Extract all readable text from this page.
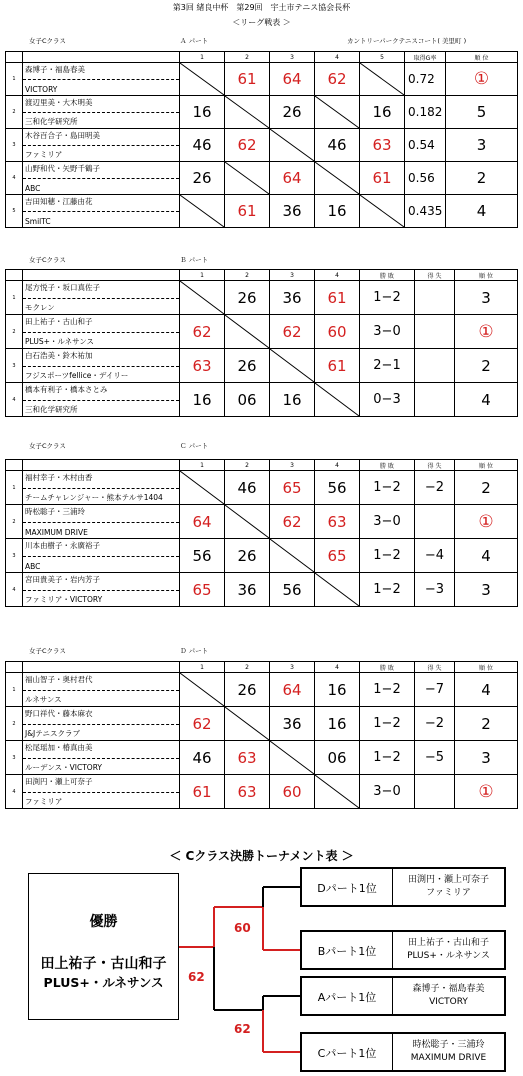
第3回 緒良中杯　第29回　宇土市テニス協会長杯
＜リーグ戦表 ＞
女子Cクラス	Ａ パート	カントリーパークテニスコート( 美里町 )
		1	2	3	4	5	取得G率	順 位
1	森博子・福島春美
VICTORY		61	64	62		0.72	①
2	渡辺里美・大木明美
三和化学研究所	16		26		16	0.182	5
3	木谷百合子・島田明美
ファミリア	46	62		46	63	0.54	3
4	山野和代・矢野千鶴子
ABC	26		64		61	0.56	2
5	吉田知穂・江藤由花
SmilTC		61	36	16		0.435	4
女子Cクラス	Ｂ パート
		1	2	3	4	勝 敗	得 失	順 位
1	尾方悦子・坂口真佐子
モクレン		26	36	61	1−2		3
2	田上祐子・古山和子
PLUS+・ルネサンス	62		62	60	3−0		①
3	白石浩美・鈴木祐加
フジスポーツfellice・デイリー	63	26		61	2−1		2
4	橋本有利子・橋本さとみ
三和化学研究所	16	06	16		0−3		4
女子Cクラス	Ｃ パート
		1	2	3	4	勝 敗	得 失	順 位
1	福村幸子・木村由香
チームチャレンジャー・熊本テルサ1404		46	65	56	1−2	−2	2
2	時松聡子・三浦玲
MAXIMUM DRIVE	64		62	63	3−0		①
3	川本由樹子・永廣裕子
ABC	56	26		65	1−2	−4	4
4	宮田貴美子・岩内芳子
ファミリア・VICTORY	65	36	56		1−2	−3	3
女子Cクラス	Ｄ パート
		1	2	3	4	勝 敗	得 失	順 位
1	福山智子・奥村君代
ルネサンス		26	64	16	1−2	−7	4
2	野口祥代・藤本麻衣
J&Jテニスクラブ	62		36	16	1−2	−2	2
3	松尾瑶加・椿真由美
ルーデンス・VICTORY	46	63		06	1−2	−5	3
4	田渕円・瀬上可奈子
ファミリア	61	63	60		3−0		①
＜ Cクラス決勝トーナメント表 ＞
優勝
田上祐子・古山和子
PLUS+・ルネサンス
60
62
62
Dパート1位
田渕円・瀬上可奈子
ファミリア
Bパート1位
田上祐子・古山和子
PLUS+・ルネサンス
Aパート1位
森博子・福島春美
VICTORY
Cパート1位
時松聡子・三浦玲
MAXIMUM DRIVE
